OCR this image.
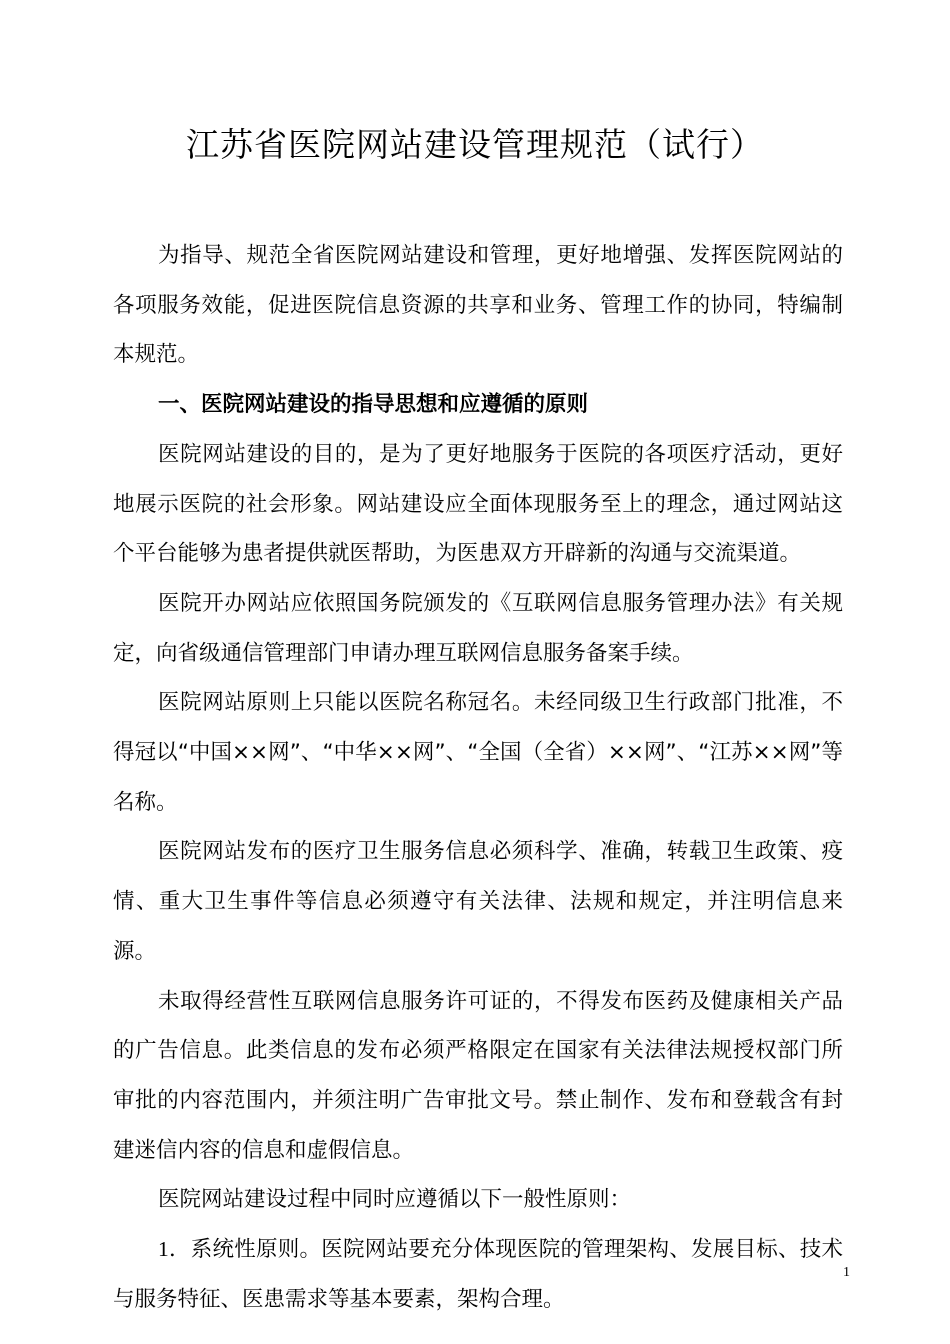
江苏省医院网站建设管理规范（试行）

为指导、规范全省医院网站建设和管理，更好地增强、发挥医院网站的各项服务效能，促进医院信息资源的共享和业务、管理工作的协同，特编制本规范。

一、医院网站建设的指导思想和应遵循的原则

医院网站建设的目的，是为了更好地服务于医院的各项医疗活动，更好地展示医院的社会形象。网站建设应全面体现服务至上的理念，通过网站这个平台能够为患者提供就医帮助，为医患双方开辟新的沟通与交流渠道。

医院开办网站应依照国务院颁发的《互联网信息服务管理办法》有关规定，向省级通信管理部门申请办理互联网信息服务备案手续。

医院网站原则上只能以医院名称冠名。未经同级卫生行政部门批准，不得冠以“中国××网”、“中华××网”、“全国（全省）××网”、“江苏××网”等名称。

医院网站发布的医疗卫生服务信息必须科学、准确，转载卫生政策、疫情、重大卫生事件等信息必须遵守有关法律、法规和规定，并注明信息来源。

未取得经营性互联网信息服务许可证的，不得发布医药及健康相关产品的广告信息。此类信息的发布必须严格限定在国家有关法律法规授权部门所审批的内容范围内，并须注明广告审批文号。禁止制作、发布和登载含有封建迷信内容的信息和虚假信息。

医院网站建设过程中同时应遵循以下一般性原则：

1．系统性原则。医院网站要充分体现医院的管理架构、发展目标、技术与服务特征、医患需求等基本要素，架构合理。

1
